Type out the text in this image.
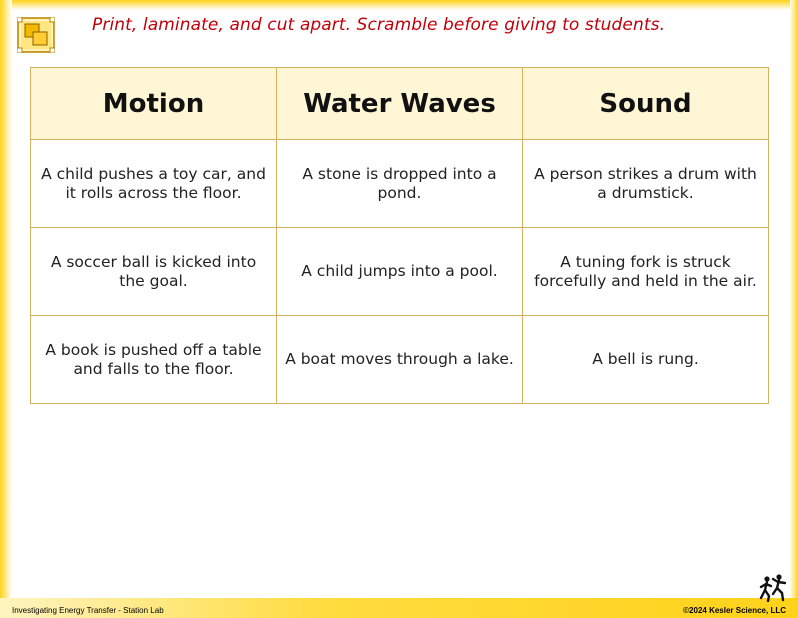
Print, laminate, and cut apart. Scramble before giving to students.
Motion	Water Waves	Sound
A child pushes a toy car, and it rolls across the floor.	A stone is dropped into a pond.	A person strikes a drum with a drumstick.
A soccer ball is kicked into the goal.	A child jumps into a pool.	A tuning fork is struck forcefully and held in the air.
A book is pushed off a table and falls to the floor.	A boat moves through a lake.	A bell is rung.
Investigating Energy Transfer - Station Lab	©2024 Kesler Science, LLC
